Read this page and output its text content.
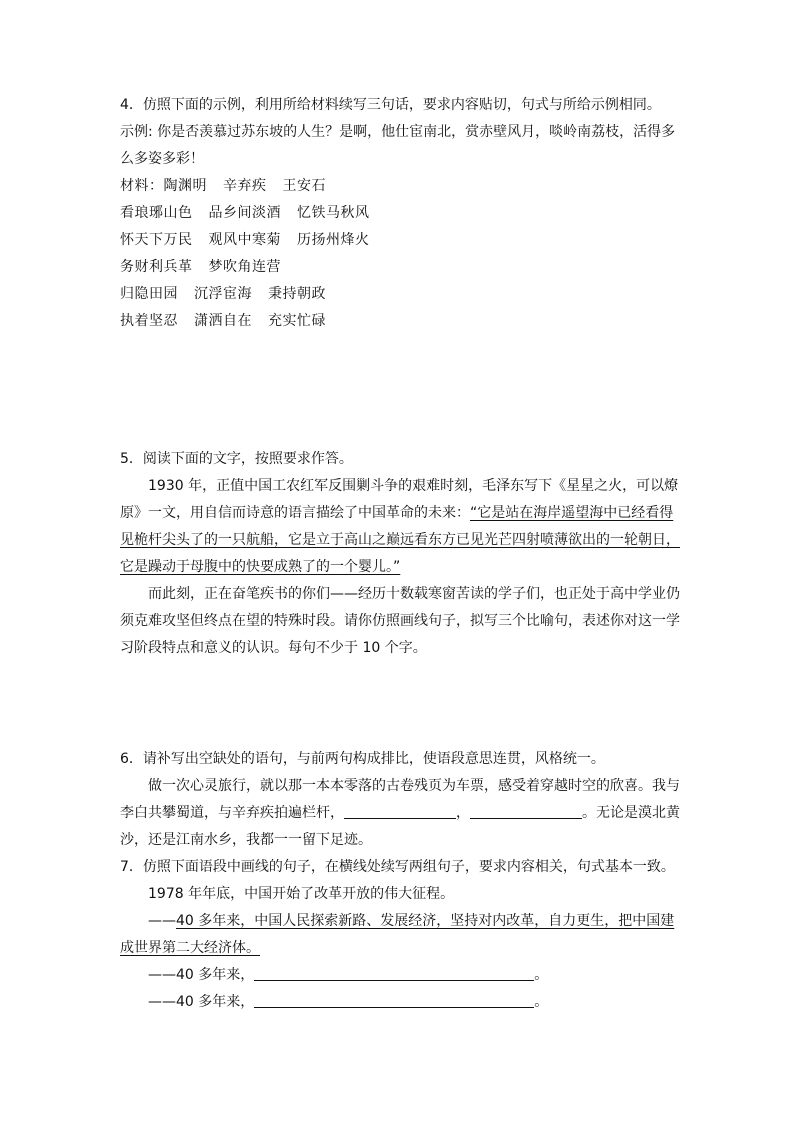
4．仿照下面的示例，利用所给材料续写三句话，要求内容贴切，句式与所给示例相同。
示例: 你是否羡慕过苏东坡的人生？是啊，他仕宦南北，赏赤壁风月，啖岭南荔枝，活得多
么多姿多彩！
材料：陶渊明 辛弃疾 王安石
看琅琊山色 品乡间淡酒 忆铁马秋风
怀天下万民 观风中寒菊 历扬州烽火
务财利兵革 梦吹角连营
归隐田园 沉浮宦海 秉持朝政
执着坚忍 潇洒自在 充实忙碌
5．阅读下面的文字，按照要求作答。
1930 年，正值中国工农红军反围剿斗争的艰难时刻，毛泽东写下《星星之火，可以燎
原》一文，用自信而诗意的语言描绘了中国革命的未来：“它是站在海岸遥望海中已经看得
见桅杆尖头了的一只航船，它是立于高山之巅远看东方已见光芒四射喷薄欲出的一轮朝日，
它是躁动于母腹中的快要成熟了的一个婴儿。”
而此刻，正在奋笔疾书的你们——经历十数载寒窗苦读的学子们，也正处于高中学业仍
须克难攻坚但终点在望的特殊时段。请你仿照画线句子，拟写三个比喻句，表述你对这一学
习阶段特点和意义的认识。每句不少于 10 个字。
6．请补写出空缺处的语句，与前两句构成排比，使语段意思连贯，风格统一。
做一次心灵旅行，就以那一本本零落的古卷残页为车票，感受着穿越时空的欣喜。我与
李白共攀蜀道，与辛弃疾拍遍栏杆，	，	。无论是漠北黄
沙，还是江南水乡，我都一一留下足迹。
7．仿照下面语段中画线的句子，在横线处续写两组句子，要求内容相关，句式基本一致。
1978 年年底，中国开始了改革开放的伟大征程。
——40 多年来，中国人民探索新路、发展经济，坚持对内改革，自力更生，把中国建
成世界第二大经济体。
——40 多年来，	。
——40 多年来，	。
